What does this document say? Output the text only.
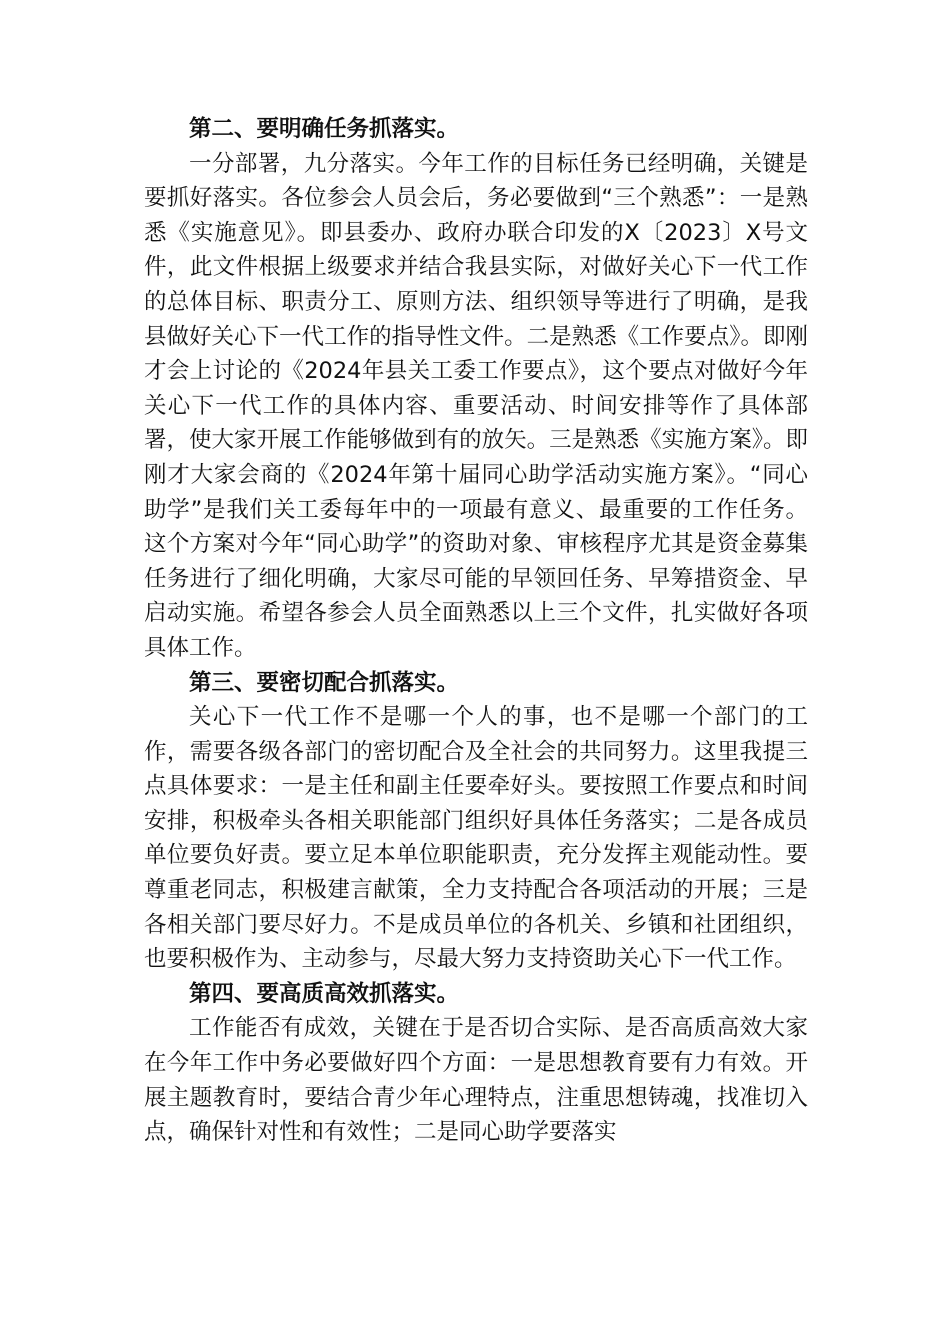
第二、要明确任务抓落实。

一分部署，九分落实。今年工作的目标任务已经明确，关键是要抓好落实。各位参会人员会后，务必要做到“三个熟悉”：一是熟悉《实施意见》。即县委办、政府办联合印发的X〔2023〕X号文件，此文件根据上级要求并结合我县实际，对做好关心下一代工作的总体目标、职责分工、原则方法、组织领导等进行了明确，是我县做好关心下一代工作的指导性文件。二是熟悉《工作要点》。即刚才会上讨论的《2024年县关工委工作要点》，这个要点对做好今年关心下一代工作的具体内容、重要活动、时间安排等作了具体部署，使大家开展工作能够做到有的放矢。三是熟悉《实施方案》。即刚才大家会商的《2024年第十届同心助学活动实施方案》。“同心助学”是我们关工委每年中的一项最有意义、最重要的工作任务。这个方案对今年“同心助学”的资助对象、审核程序尤其是资金募集任务进行了细化明确，大家尽可能的早领回任务、早筹措资金、早启动实施。希望各参会人员全面熟悉以上三个文件，扎实做好各项具体工作。

第三、要密切配合抓落实。

关心下一代工作不是哪一个人的事，也不是哪一个部门的工作，需要各级各部门的密切配合及全社会的共同努力。这里我提三点具体要求：一是主任和副主任要牵好头。要按照工作要点和时间安排，积极牵头各相关职能部门组织好具体任务落实；二是各成员单位要负好责。要立足本单位职能职责，充分发挥主观能动性。要尊重老同志，积极建言献策，全力支持配合各项活动的开展；三是各相关部门要尽好力。不是成员单位的各机关、乡镇和社团组织，也要积极作为、主动参与，尽最大努力支持资助关心下一代工作。

第四、要高质高效抓落实。

工作能否有成效，关键在于是否切合实际、是否高质高效大家在今年工作中务必要做好四个方面：一是思想教育要有力有效。开展主题教育时，要结合青少年心理特点，注重思想铸魂，找准切入点，确保针对性和有效性；二是同心助学要落实
